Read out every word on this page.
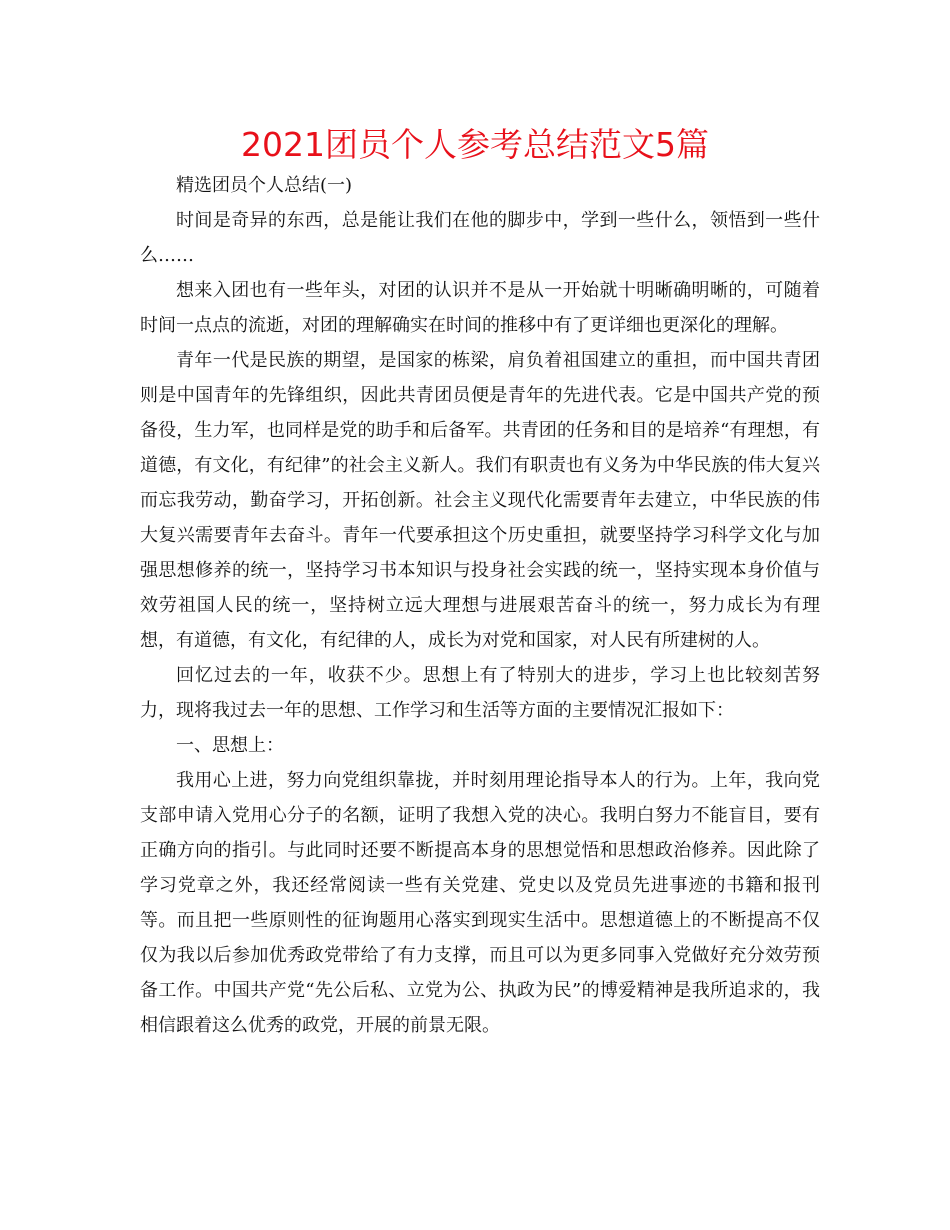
2021团员个人参考总结范文5篇

精选团员个人总结(一)

时间是奇异的东西，总是能让我们在他的脚步中，学到一些什么，领悟到一些什么……

想来入团也有一些年头，对团的认识并不是从一开始就十明晰确明晰的，可随着时间一点点的流逝，对团的理解确实在时间的推移中有了更详细也更深化的理解。

青年一代是民族的期望，是国家的栋梁，肩负着祖国建立的重担，而中国共青团则是中国青年的先锋组织，因此共青团员便是青年的先进代表。它是中国共产党的预备役，生力军，也同样是党的助手和后备军。共青团的任务和目的是培养“有理想，有道德，有文化，有纪律”的社会主义新人。我们有职责也有义务为中华民族的伟大复兴而忘我劳动，勤奋学习，开拓创新。社会主义现代化需要青年去建立，中华民族的伟大复兴需要青年去奋斗。青年一代要承担这个历史重担，就要坚持学习科学文化与加强思想修养的统一，坚持学习书本知识与投身社会实践的统一，坚持实现本身价值与效劳祖国人民的统一，坚持树立远大理想与进展艰苦奋斗的统一，努力成长为有理想，有道德，有文化，有纪律的人，成长为对党和国家，对人民有所建树的人。

回忆过去的一年，收获不少。思想上有了特别大的进步，学习上也比较刻苦努力，现将我过去一年的思想、工作学习和生活等方面的主要情况汇报如下：

一、思想上：

我用心上进，努力向党组织靠拢，并时刻用理论指导本人的行为。上年，我向党支部申请入党用心分子的名额，证明了我想入党的决心。我明白努力不能盲目，要有正确方向的指引。与此同时还要不断提高本身的思想觉悟和思想政治修养。因此除了学习党章之外，我还经常阅读一些有关党建、党史以及党员先进事迹的书籍和报刊等。而且把一些原则性的征询题用心落实到现实生活中。思想道德上的不断提高不仅仅为我以后参加优秀政党带给了有力支撑，而且可以为更多同事入党做好充分效劳预备工作。中国共产党“先公后私、立党为公、执政为民”的博爱精神是我所追求的，我相信跟着这么优秀的政党，开展的前景无限。
